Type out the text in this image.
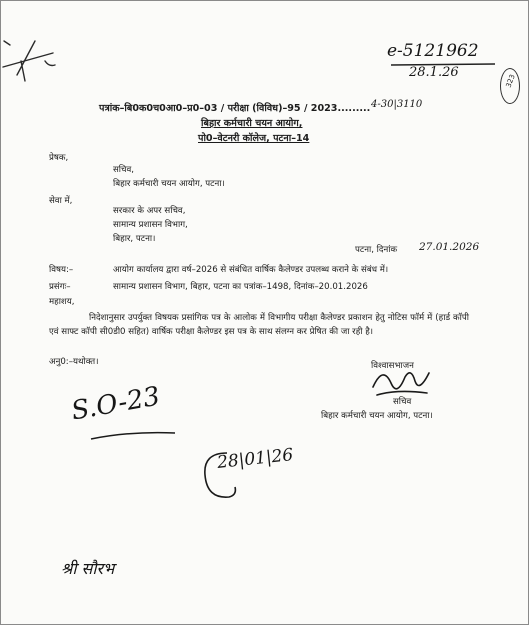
e-5121962
28.1.26
323
पत्रांक–बि0क0च0आ0–प्र0–03 / परीक्षा (विविध)–95 / 2023......... 4-30|3110
बिहार कर्मचारी चयन आयोग,
पो0–वेटनरी कॉलेज, पटना–14
प्रेषक,
सचिव,
बिहार कर्मचारी चयन आयोग, पटना।
सेवा में,
सरकार के अपर सचिव,
सामान्य प्रशासन विभाग,
बिहार, पटना।
पटना, दिनांक 27.01.2026
विषय:–	आयोग कार्यालय द्वारा वर्ष–2026 से संबंधित वार्षिक कैलेण्डर उपलब्ध कराने के संबंध में।
प्रसंगः–	सामान्य प्रशासन विभाग, बिहार, पटना का पत्रांक–1498, दिनांक–20.01.2026
महाशय,
निदेशानुसार उपर्युक्त विषयक प्रसांगिक पत्र के आलोक में विभागीय परीक्षा कैलेण्डर प्रकाशन हेतु नोटिस फॉर्म में (हार्ड कॉपी एवं साफ्ट कॉपी सी0डी0 सहित) वार्षिक परीक्षा कैलेण्डर इस पत्र के साथ संलग्न कर प्रेषित की जा रही है।
अनु0:–यथोक्त।	विश्वासभाजन
सचिव
बिहार कर्मचारी चयन आयोग, पटना।
S.O-23
28|01|26
श्री सौरभ
